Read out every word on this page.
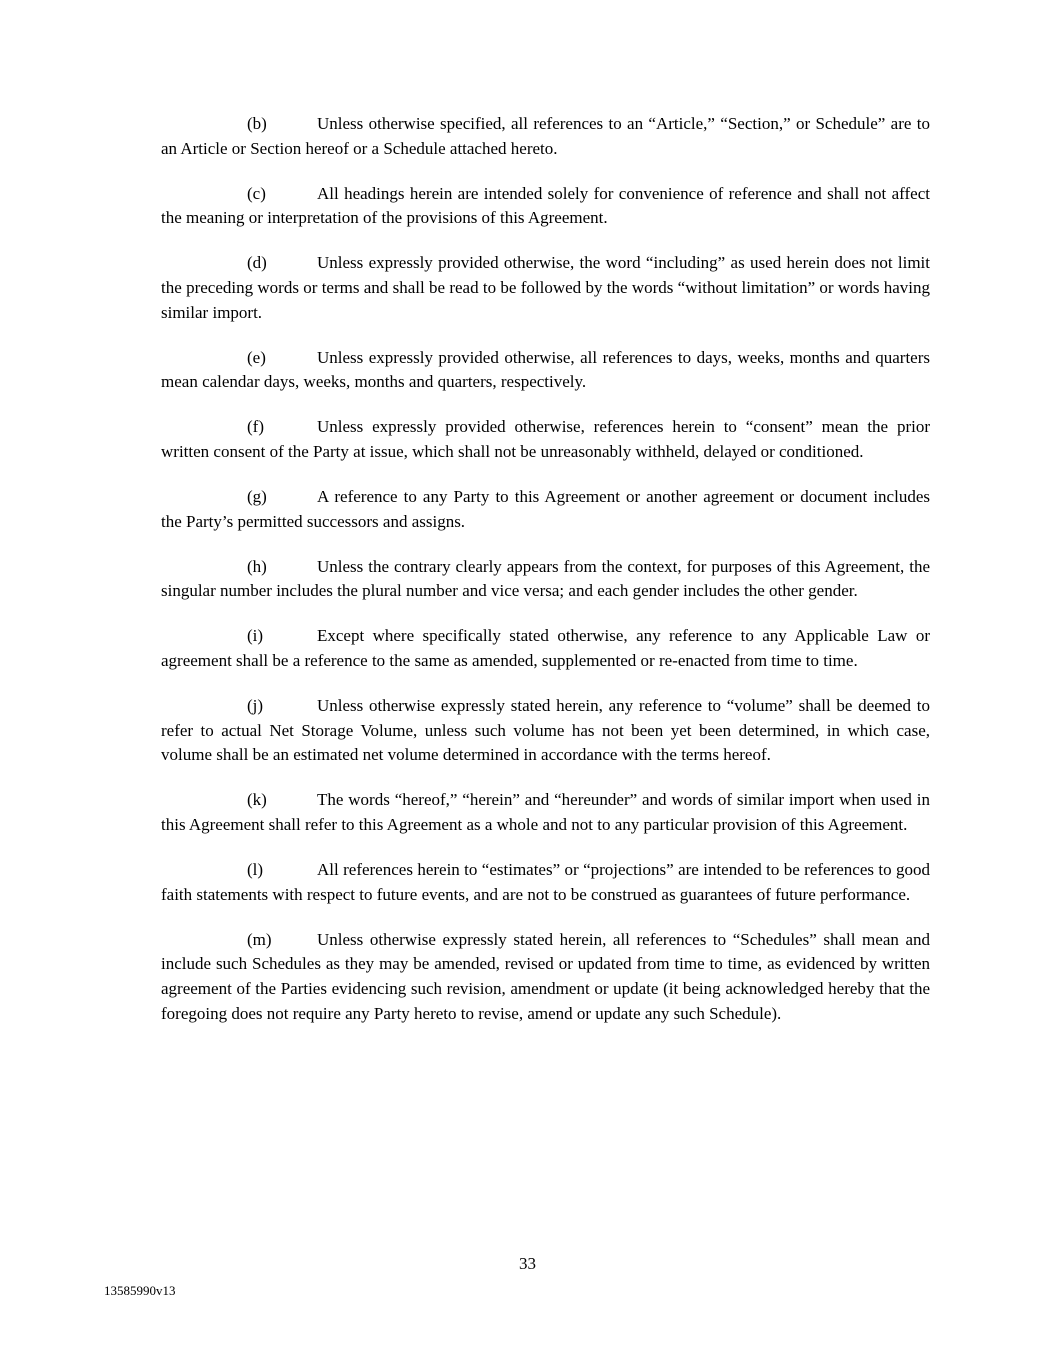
(b)	Unless otherwise specified, all references to an “Article,” “Section,” or Schedule” are to an Article or Section hereof or a Schedule attached hereto.

(c)	All headings herein are intended solely for convenience of reference and shall not affect the meaning or interpretation of the provisions of this Agreement.

(d)	Unless expressly provided otherwise, the word “including” as used herein does not limit the preceding words or terms and shall be read to be followed by the words “without limitation” or words having similar import.

(e)	Unless expressly provided otherwise, all references to days, weeks, months and quarters mean calendar days, weeks, months and quarters, respectively.

(f)	Unless expressly provided otherwise, references herein to “consent” mean the prior written consent of the Party at issue, which shall not be unreasonably withheld, delayed or conditioned.

(g)	A reference to any Party to this Agreement or another agreement or document includes the Party’s permitted successors and assigns.

(h)	Unless the contrary clearly appears from the context, for purposes of this Agreement, the singular number includes the plural number and vice versa; and each gender includes the other gender.

(i)	Except where specifically stated otherwise, any reference to any Applicable Law or agreement shall be a reference to the same as amended, supplemented or re-enacted from time to time.

(j)	Unless otherwise expressly stated herein, any reference to “volume” shall be deemed to refer to actual Net Storage Volume, unless such volume has not been yet been determined, in which case, volume shall be an estimated net volume determined in accordance with the terms hereof.

(k)	The words “hereof,” “herein” and “hereunder” and words of similar import when used in this Agreement shall refer to this Agreement as a whole and not to any particular provision of this Agreement.

(l)	All references herein to “estimates” or “projections” are intended to be references to good faith statements with respect to future events, and are not to be construed as guarantees of future performance.

(m)	Unless otherwise expressly stated herein, all references to “Schedules” shall mean and include such Schedules as they may be amended, revised or updated from time to time, as evidenced by written agreement of the Parties evidencing such revision, amendment or update (it being acknowledged hereby that the foregoing does not require any Party hereto to revise, amend or update any such Schedule).

33
13585990v13
